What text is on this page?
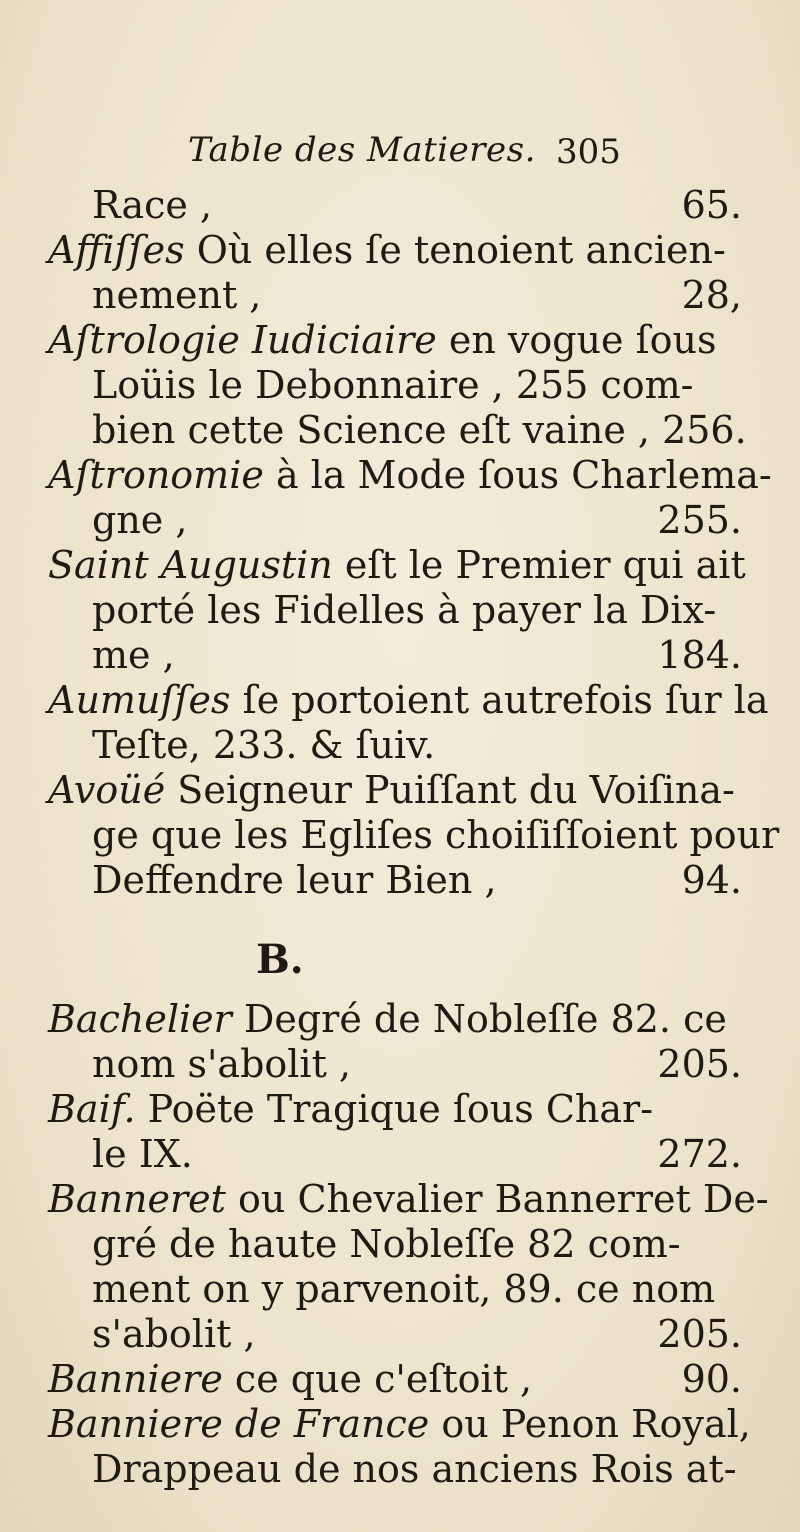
Table des Matieres. 305
Race ,	65.
Affiſſes Où elles ſe tenoient ancien-
nement ,	28,
Aſtrologie Iudiciaire en vogue ſous
Loüis le Debonnaire , 255 com-
bien cette Science eſt vaine , 256.
Aſtronomie à la Mode ſous Charlema-
gne ,	255.
Saint Augustin eſt le Premier qui ait
porté les Fidelles à payer la Dix-
me ,	184.
Aumuſſes ſe portoient autrefois ſur la
Teſte, 233. & ſuiv.
Avoüé Seigneur Puiſſant du Voiſina-
ge que les Egliſes choiſiſſoient pour
Deffendre leur Bien ,	94.
B.
Bachelier Degré de Nobleſſe 82. ce
nom s'abolit ,	205.
Baif. Poëte Tragique ſous Char-
le IX.	272.
Banneret ou Chevalier Bannerret De-
gré de haute Nobleſſe 82 com-
ment on y parvenoit, 89. ce nom
s'abolit ,	205.
Banniere ce que c'eſtoit ,	90.
Banniere de France ou Penon Royal,
Drappeau de nos anciens Rois at-
